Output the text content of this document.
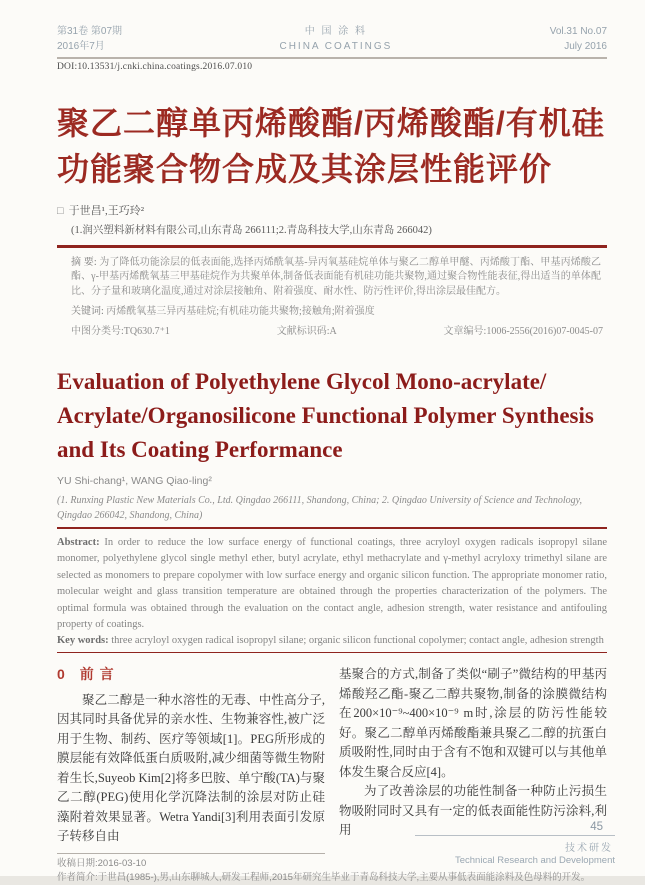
第31卷 第07期
2016年7月
中 国 涂 料
CHINA COATINGS
Vol.31 No.07
July 2016
DOI:10.13531/j.cnki.china.coatings.2016.07.010
聚乙二醇单丙烯酸酯/丙烯酸酯/有机硅
功能聚合物合成及其涂层性能评价
□ 于世昌¹,王巧玲²
(1.润兴塑料新材料有限公司,山东青岛 266111;2.青岛科技大学,山东青岛 266042)
摘 要: 为了降低功能涂层的低表面能,选择丙烯酰氧基-异丙氧基硅烷单体与聚乙二醇单甲醚、丙烯酸丁酯、甲基丙烯酸乙酯、γ-甲基丙烯酰氧基三甲基硅烷作为共聚单体,制备低表面能有机硅功能共聚物,通过聚合物性能表征,得出适当的单体配比、分子量和玻璃化温度,通过对涂层接触角、附着强度、耐水性、防污性评价,得出涂层最佳配方。
关键词: 丙烯酰氧基三异丙基硅烷;有机硅功能共聚物;接触角;附着强度
中图分类号:TQ630.7⁺1	文献标识码:A	文章编号:1006-2556(2016)07-0045-07
Evaluation of Polyethylene Glycol Mono-acrylate/
Acrylate/Organosilicone Functional Polymer Synthesis
and Its Coating Performance
YU Shi-chang¹, WANG Qiao-ling²
(1. Runxing Plastic New Materials Co., Ltd. Qingdao 266111, Shandong, China; 2. Qingdao University of Science and Technology, Qingdao 266042, Shandong, China)
Abstract: In order to reduce the low surface energy of functional coatings, three acryloyl oxygen radicals isopropyl silane monomer, polyethylene glycol single methyl ether, butyl acrylate, ethyl methacrylate and γ-methyl acryloxy trimethyl silane are selected as monomers to prepare copolymer with low surface energy and organic silicon function. The appropriate monomer ratio, molecular weight and glass transition temperature are obtained through the properties characterization of the polymers. The optimal formula was obtained through the evaluation on the contact angle, adhesion strength, water resistance and antifouling property of coatings.
Key words: three acryloyl oxygen radical isopropyl silane; organic silicon functional copolymer; contact angle, adhesion strength
0 前 言

聚乙二醇是一种水溶性的无毒、中性高分子,因其同时具备优异的亲水性、生物兼容性,被广泛用于生物、制药、医疗等领域[1]。PEG所形成的膜层能有效降低蛋白质吸附,减少细菌等微生物附着生长,Suyeob Kim[2]将多巴胺、单宁酸(TA)与聚乙二醇(PEG)使用化学沉降法制的涂层对防止硅藻附着效果显著。Wetra Yandi[3]利用表面引发原子转移自由

基聚合的方式,制备了类似“刷子”微结构的甲基丙烯酸羟乙酯-聚乙二醇共聚物,制备的涂膜微结构在200×10⁻⁹~400×10⁻⁹ m时,涂层的防污性能较好。聚乙二醇单丙烯酸酯兼具聚乙二醇的抗蛋白质吸附性,同时由于含有不饱和双键可以与其他单体发生聚合反应[4]。

为了改善涂层的功能性制备一种防止污损生物吸附同时又具有一定的低表面能性防污涂料,利用

收稿日期:2016-03-10
作者简介:于世昌(1985-),男,山东聊城人,研发工程师,2015年研究生毕业于青岛科技大学,主要从事低表面能涂料及色母料的开发。
45
技术研发
Technical Research and Development
